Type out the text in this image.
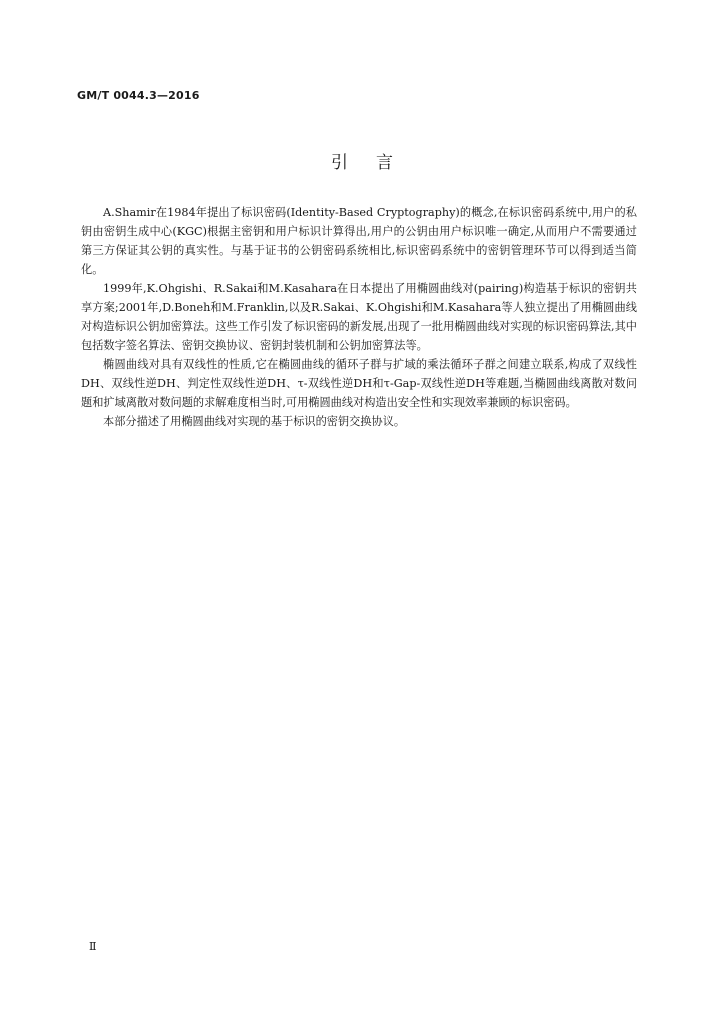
GM/T 0044.3—2016

引言

A.Shamir在1984年提出了标识密码(Identity-Based Cryptography)的概念,在标识密码系统中,用户的私钥由密钥生成中心(KGC)根据主密钥和用户标识计算得出,用户的公钥由用户标识唯一确定,从而用户不需要通过第三方保证其公钥的真实性。与基于证书的公钥密码系统相比,标识密码系统中的密钥管理环节可以得到适当简化。

1999年,K.Ohgishi、R.Sakai和M.Kasahara在日本提出了用椭圆曲线对(pairing)构造基于标识的密钥共享方案;2001年,D.Boneh和M.Franklin,以及R.Sakai、K.Ohgishi和M.Kasahara等人独立提出了用椭圆曲线对构造标识公钥加密算法。这些工作引发了标识密码的新发展,出现了一批用椭圆曲线对实现的标识密码算法,其中包括数字签名算法、密钥交换协议、密钥封装机制和公钥加密算法等。

椭圆曲线对具有双线性的性质,它在椭圆曲线的循环子群与扩域的乘法循环子群之间建立联系,构成了双线性DH、双线性逆DH、判定性双线性逆DH、τ-双线性逆DH和τ-Gap-双线性逆DH等难题,当椭圆曲线离散对数问题和扩域离散对数问题的求解难度相当时,可用椭圆曲线对构造出安全性和实现效率兼顾的标识密码。

本部分描述了用椭圆曲线对实现的基于标识的密钥交换协议。

Ⅱ
